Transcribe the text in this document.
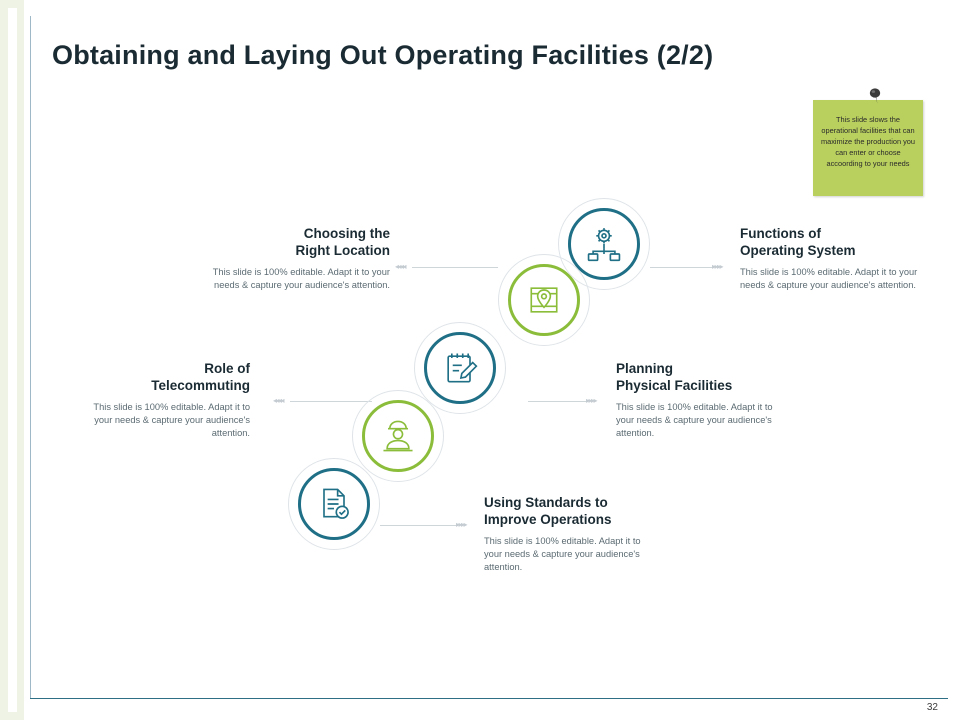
Obtaining and Laying Out Operating Facilities (2/2)
32
This slide slows the operational facilities that can maximize the production you can enter or choose accoording to your needs
◂◂◂◂	▸▸▸▸
◂◂◂◂	▸▸▸▸
▸▸▸▸
Choosing the
Right Location
This slide is 100% editable. Adapt it to your needs & capture your audience's attention.
Functions of
Operating System
This slide is 100% editable. Adapt it to your needs & capture your audience's attention.
Role of
Telecommuting
This slide is 100% editable. Adapt it to your needs & capture your audience's attention.
Planning
Physical Facilities
This slide is 100% editable. Adapt it to your needs & capture your audience's attention.
Using Standards to
Improve Operations
This slide is 100% editable. Adapt it to your needs & capture your audience's attention.
